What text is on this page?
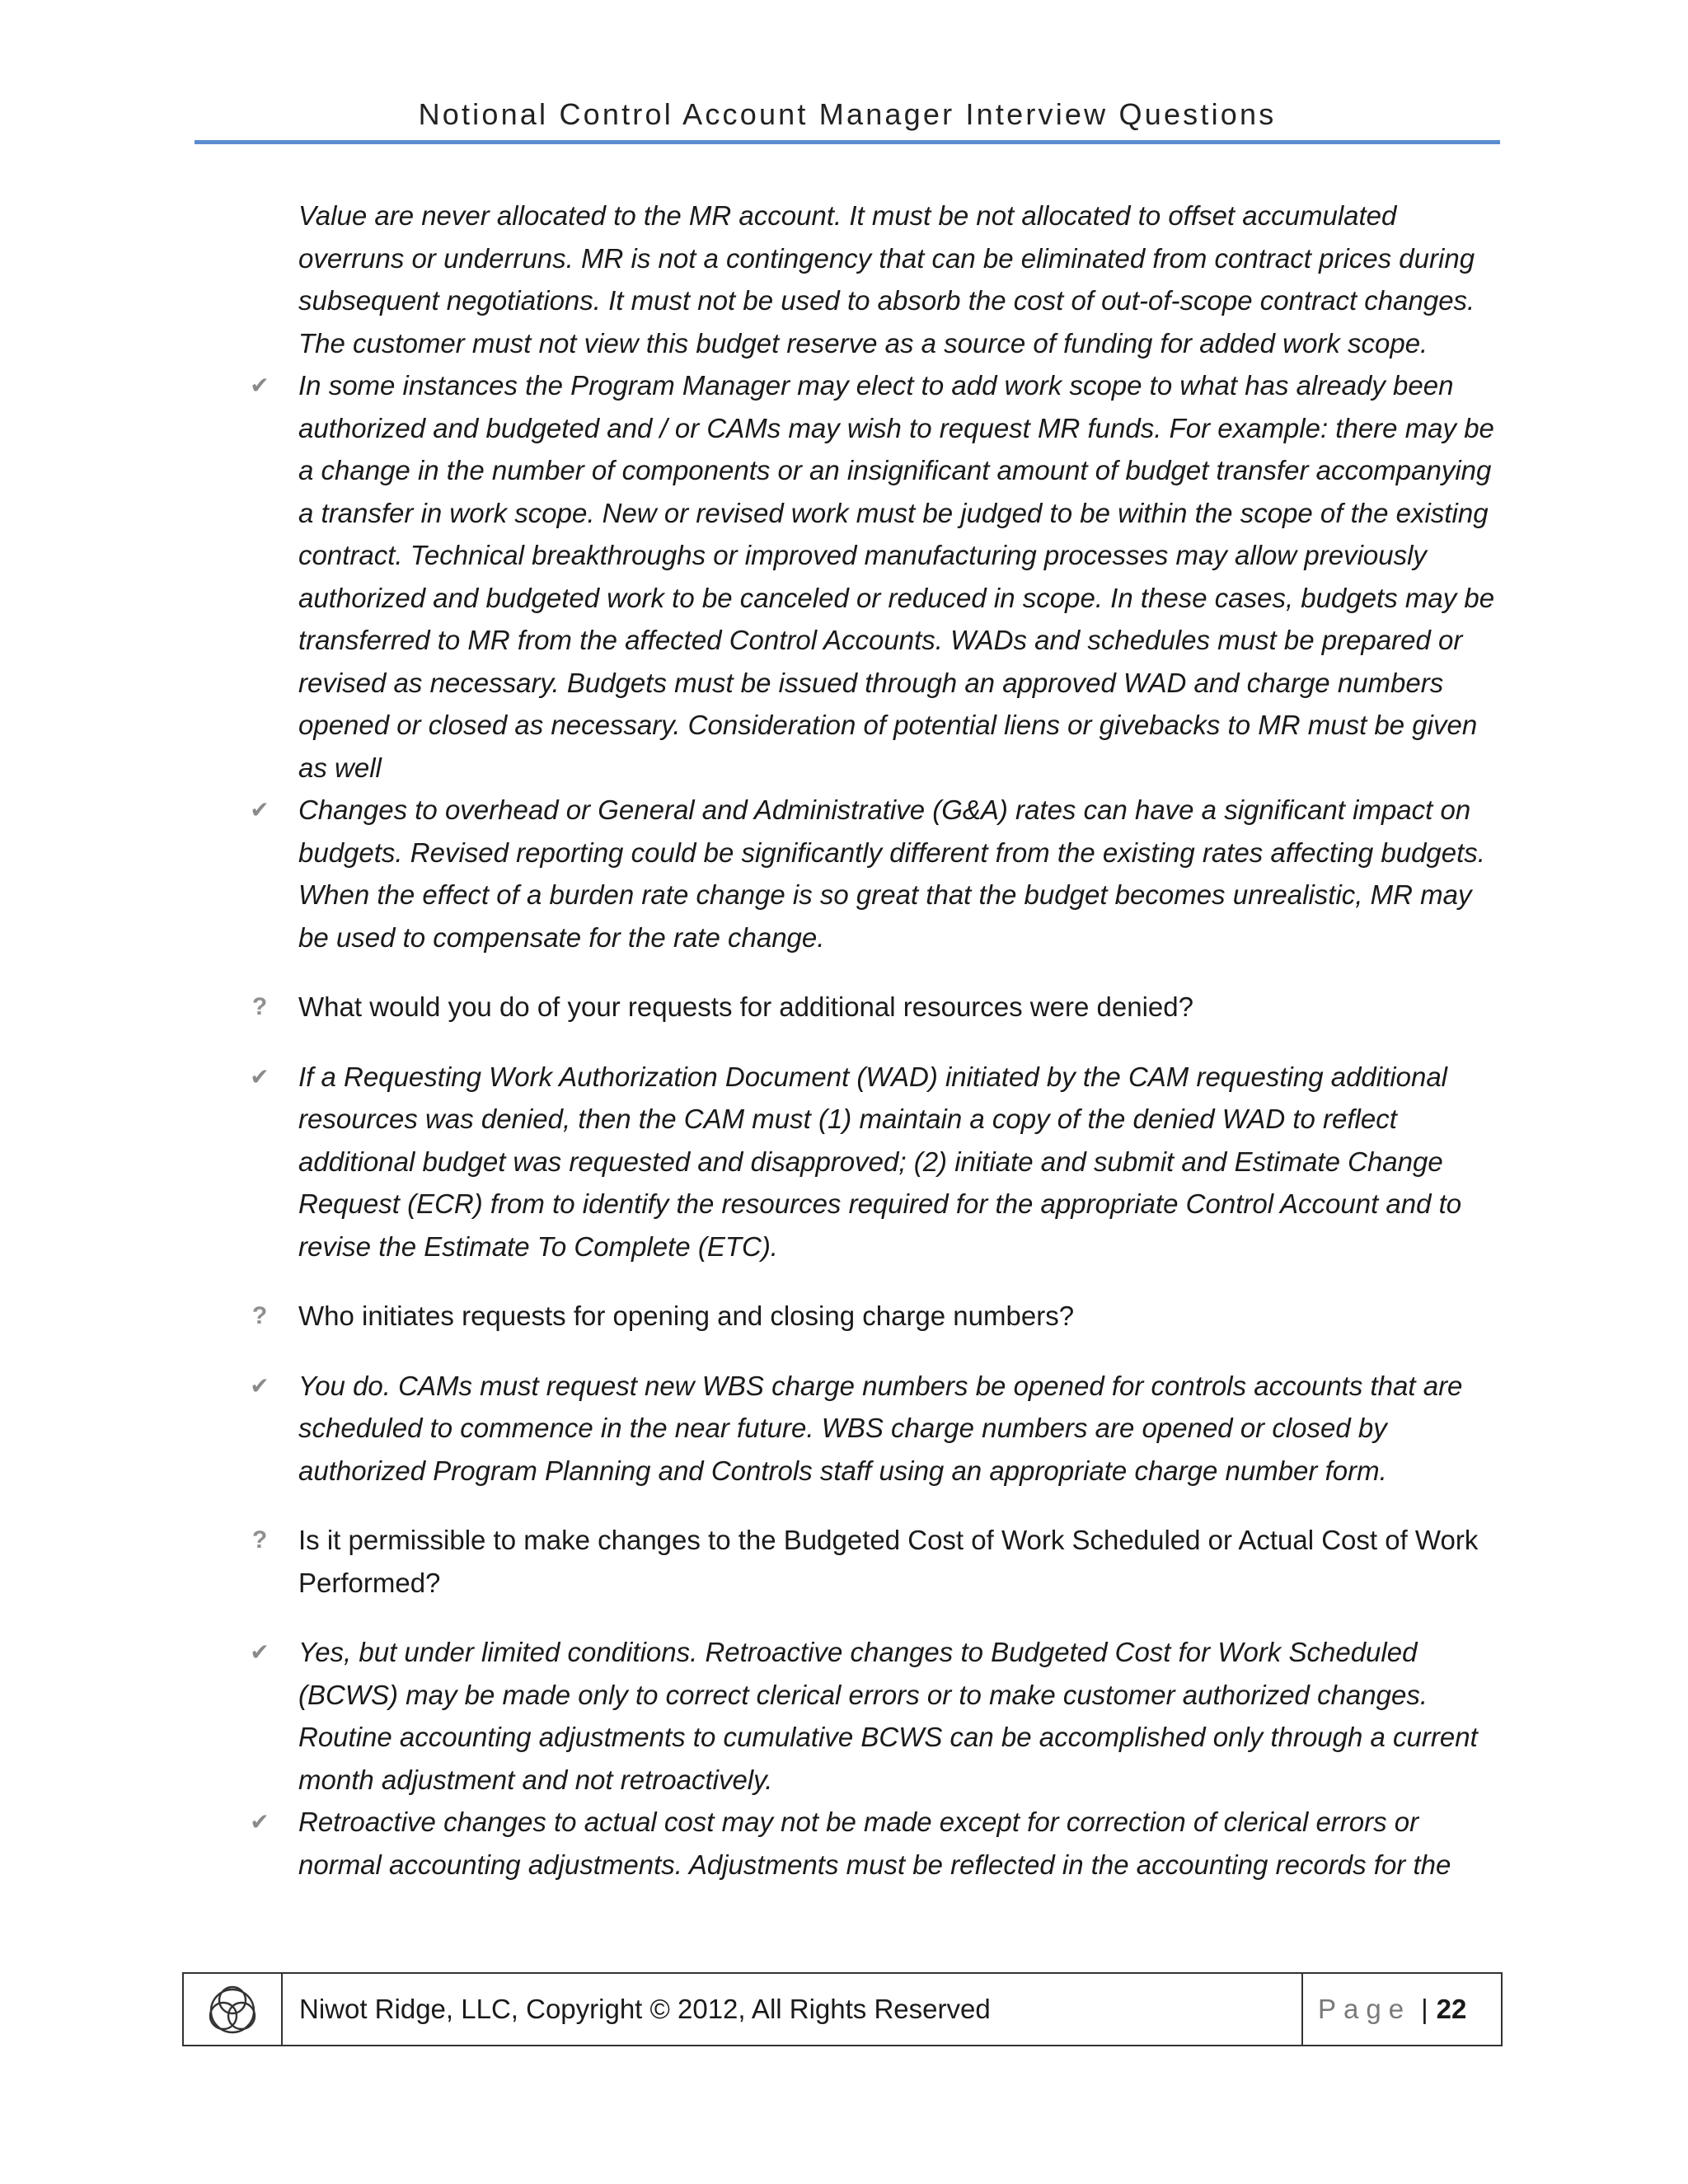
Notional Control Account Manager Interview Questions

Value are never allocated to the MR account. It must be not allocated to offset accumulated overruns or underruns. MR is not a contingency that can be eliminated from contract prices during subsequent negotiations. It must not be used to absorb the cost of out-of-scope contract changes. The customer must not view this budget reserve as a source of funding for added work scope.

✔ In some instances the Program Manager may elect to add work scope to what has already been authorized and budgeted and / or CAMs may wish to request MR funds. For example: there may be a change in the number of components or an insignificant amount of budget transfer accompanying a transfer in work scope. New or revised work must be judged to be within the scope of the existing contract. Technical breakthroughs or improved manufacturing processes may allow previously authorized and budgeted work to be canceled or reduced in scope. In these cases, budgets may be transferred to MR from the affected Control Accounts. WADs and schedules must be prepared or revised as necessary. Budgets must be issued through an approved WAD and charge numbers opened or closed as necessary. Consideration of potential liens or givebacks to MR must be given as well
✔ Changes to overhead or General and Administrative (G&A) rates can have a significant impact on budgets. Revised reporting could be significantly different from the existing rates affecting budgets. When the effect of a burden rate change is so great that the budget becomes unrealistic, MR may be used to compensate for the rate change.
? What would you do of your requests for additional resources were denied?
✔ If a Requesting Work Authorization Document (WAD) initiated by the CAM requesting additional resources was denied, then the CAM must (1) maintain a copy of the denied WAD to reflect additional budget was requested and disapproved; (2) initiate and submit and Estimate Change Request (ECR) from to identify the resources required for the appropriate Control Account and to revise the Estimate To Complete (ETC).
? Who initiates requests for opening and closing charge numbers?
✔ You do. CAMs must request new WBS charge numbers be opened for controls accounts that are scheduled to commence in the near future. WBS charge numbers are opened or closed by authorized Program Planning and Controls staff using an appropriate charge number form.
? Is it permissible to make changes to the Budgeted Cost of Work Scheduled or Actual Cost of Work Performed?
✔ Yes, but under limited conditions. Retroactive changes to Budgeted Cost for Work Scheduled (BCWS) may be made only to correct clerical errors or to make customer authorized changes. Routine accounting adjustments to cumulative BCWS can be accomplished only through a current month adjustment and not retroactively.
✔ Retroactive changes to actual cost may not be made except for correction of clerical errors or normal accounting adjustments. Adjustments must be reflected in the accounting records for the
Niwot Ridge, LLC, Copyright © 2012, All Rights Reserved	Page | 22
